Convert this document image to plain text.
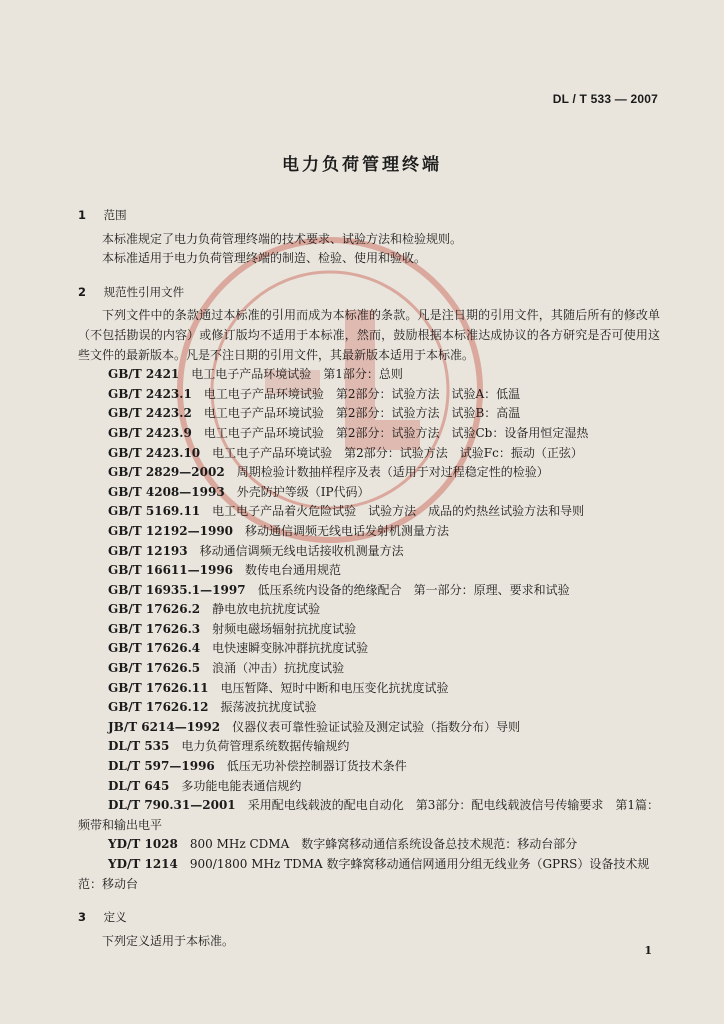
DL / T 533 — 2007
电力负荷管理终端
1 范围

本标准规定了电力负荷管理终端的技术要求、试验方法和检验规则。

本标准适用于电力负荷管理终端的制造、检验、使用和验收。

2 规范性引用文件

下列文件中的条款通过本标准的引用而成为本标准的条款。凡是注日期的引用文件，其随后所有的修改单（不包括勘误的内容）或修订版均不适用于本标准，然而，鼓励根据本标准达成协议的各方研究是否可使用这些文件的最新版本。凡是不注日期的引用文件，其最新版本适用于本标准。

GB/T 2421　 电工电子产品环境试验　第1部分：总则
GB/T 2423.1　 电工电子产品环境试验　第2部分：试验方法　试验A：低温
GB/T 2423.2　 电工电子产品环境试验　第2部分：试验方法　试验B：高温
GB/T 2423.9　 电工电子产品环境试验　第2部分：试验方法　试验Cb：设备用恒定湿热
GB/T 2423.10　 电工电子产品环境试验　第2部分：试验方法　试验Fc：振动（正弦）
GB/T 2829—2002　 周期检验计数抽样程序及表（适用于对过程稳定性的检验）
GB/T 4208—1993　 外壳防护等级（IP代码）
GB/T 5169.11　 电工电子产品着火危险试验　试验方法　成品的灼热丝试验方法和导则
GB/T 12192—1990　 移动通信调频无线电话发射机测量方法
GB/T 12193　 移动通信调频无线电话接收机测量方法
GB/T 16611—1996　 数传电台通用规范
GB/T 16935.1—1997　 低压系统内设备的绝缘配合　第一部分：原理、要求和试验
GB/T 17626.2　 静电放电抗扰度试验
GB/T 17626.3　 射频电磁场辐射抗扰度试验
GB/T 17626.4　 电快速瞬变脉冲群抗扰度试验
GB/T 17626.5　 浪涌（冲击）抗扰度试验
GB/T 17626.11　 电压暂降、短时中断和电压变化抗扰度试验
GB/T 17626.12　 振荡波抗扰度试验
JB/T 6214—1992　 仪器仪表可靠性验证试验及测定试验（指数分布）导则
DL/T 535　 电力负荷管理系统数据传输规约
DL/T 597—1996　 低压无功补偿控制器订货技术条件
DL/T 645　 多功能电能表通信规约
DL/T 790.31—2001　 采用配电线载波的配电自动化　第3部分：配电线载波信号传输要求　第1篇：频带和输出电平
YD/T 1028　 800 MHz CDMA　数字蜂窝移动通信系统设备总技术规范：移动台部分
YD/T 1214　 900/1800 MHz TDMA 数字蜂窝移动通信网通用分组无线业务（GPRS）设备技术规范：移动台
3 定义

下列定义适用于本标准。

1
